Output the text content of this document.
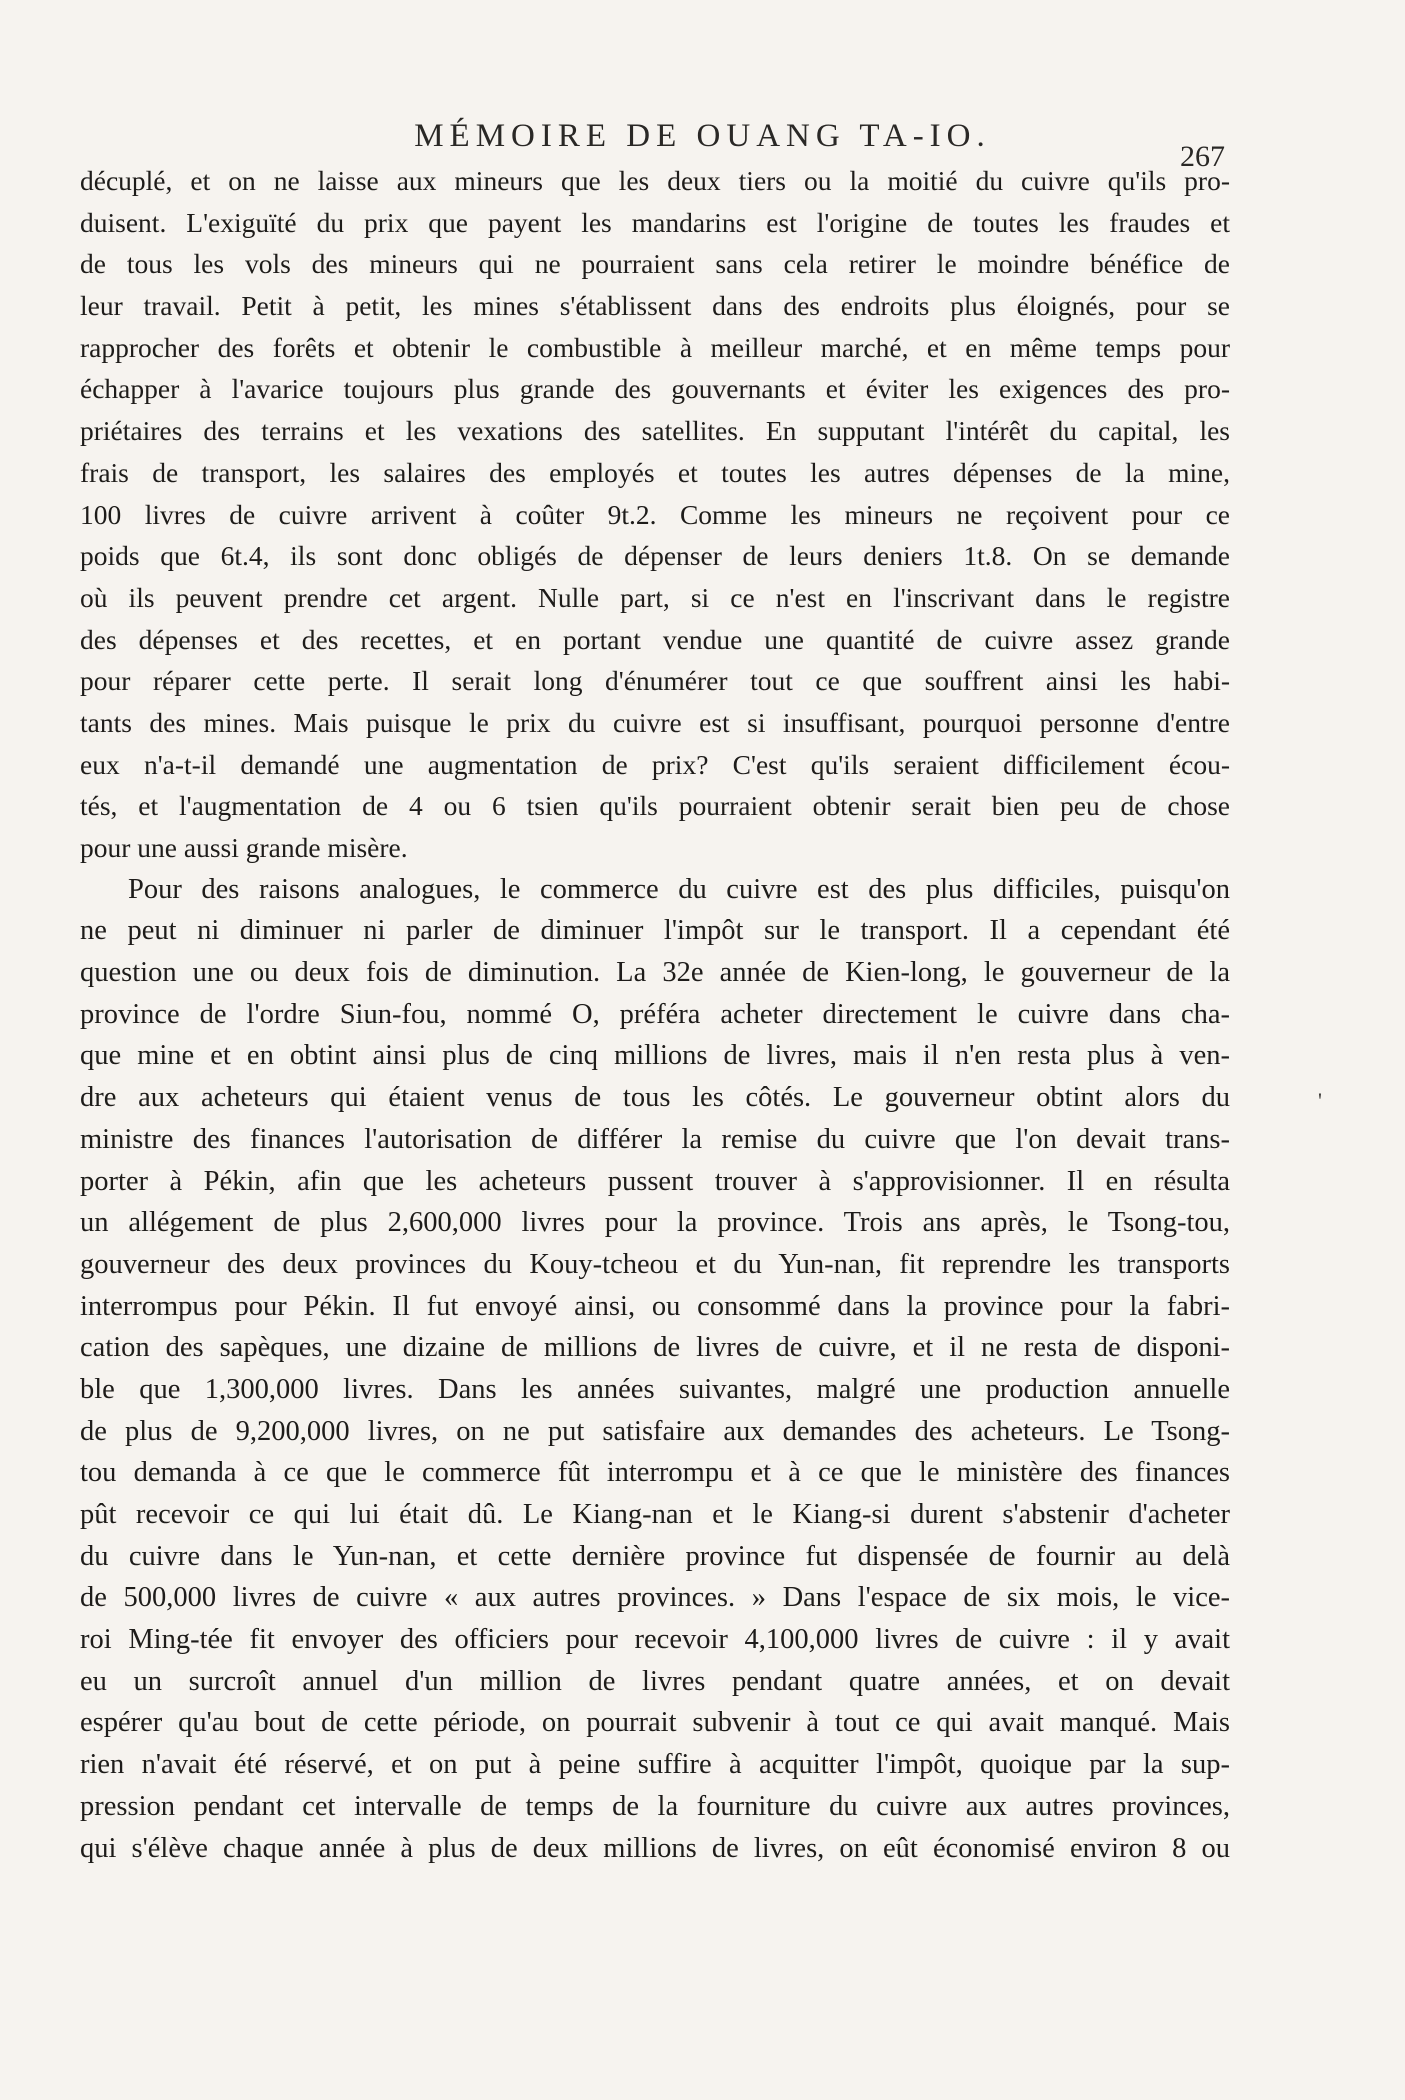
MÉMOIRE DE OUANG TA-IO.
267
'
décuplé, et on ne laisse aux mineurs que les deux tiers ou la moitié du cuivre qu'ils pro-
duisent. L'exiguïté du prix que payent les mandarins est l'origine de toutes les fraudes et
de tous les vols des mineurs qui ne pourraient sans cela retirer le moindre bénéfice de
leur travail. Petit à petit, les mines s'établissent dans des endroits plus éloignés, pour se
rapprocher des forêts et obtenir le combustible à meilleur marché, et en même temps pour
échapper à l'avarice toujours plus grande des gouvernants et éviter les exigences des pro-
priétaires des terrains et les vexations des satellites. En supputant l'intérêt du capital, les
frais de transport, les salaires des employés et toutes les autres dépenses de la mine,
100 livres de cuivre arrivent à coûter 9t.2. Comme les mineurs ne reçoivent pour ce
poids que 6t.4, ils sont donc obligés de dépenser de leurs deniers 1t.8. On se demande
où ils peuvent prendre cet argent. Nulle part, si ce n'est en l'inscrivant dans le registre
des dépenses et des recettes, et en portant vendue une quantité de cuivre assez grande
pour réparer cette perte. Il serait long d'énumérer tout ce que souffrent ainsi les habi-
tants des mines. Mais puisque le prix du cuivre est si insuffisant, pourquoi personne d'entre
eux n'a-t-il demandé une augmentation de prix? C'est qu'ils seraient difficilement écou-
tés, et l'augmentation de 4 ou 6 tsien qu'ils pourraient obtenir serait bien peu de chose
pour une aussi grande misère.
Pour des raisons analogues, le commerce du cuivre est des plus difficiles, puisqu'on
ne peut ni diminuer ni parler de diminuer l'impôt sur le transport. Il a cependant été
question une ou deux fois de diminution. La 32e année de Kien-long, le gouverneur de la
province de l'ordre Siun-fou, nommé O, préféra acheter directement le cuivre dans cha-
que mine et en obtint ainsi plus de cinq millions de livres, mais il n'en resta plus à ven-
dre aux acheteurs qui étaient venus de tous les côtés. Le gouverneur obtint alors du
ministre des finances l'autorisation de différer la remise du cuivre que l'on devait trans-
porter à Pékin, afin que les acheteurs pussent trouver à s'approvisionner. Il en résulta
un allégement de plus 2,600,000 livres pour la province. Trois ans après, le Tsong-tou,
gouverneur des deux provinces du Kouy-tcheou et du Yun-nan, fit reprendre les transports
interrompus pour Pékin. Il fut envoyé ainsi, ou consommé dans la province pour la fabri-
cation des sapèques, une dizaine de millions de livres de cuivre, et il ne resta de disponi-
ble que 1,300,000 livres. Dans les années suivantes, malgré une production annuelle
de plus de 9,200,000 livres, on ne put satisfaire aux demandes des acheteurs. Le Tsong-
tou demanda à ce que le commerce fût interrompu et à ce que le ministère des finances
pût recevoir ce qui lui était dû. Le Kiang-nan et le Kiang-si durent s'abstenir d'acheter
du cuivre dans le Yun-nan, et cette dernière province fut dispensée de fournir au delà
de 500,000 livres de cuivre « aux autres provinces. » Dans l'espace de six mois, le vice-
roi Ming-tée fit envoyer des officiers pour recevoir 4,100,000 livres de cuivre : il y avait
eu un surcroît annuel d'un million de livres pendant quatre années, et on devait
espérer qu'au bout de cette période, on pourrait subvenir à tout ce qui avait manqué. Mais
rien n'avait été réservé, et on put à peine suffire à acquitter l'impôt, quoique par la sup-
pression pendant cet intervalle de temps de la fourniture du cuivre aux autres provinces,
qui s'élève chaque année à plus de deux millions de livres, on eût économisé environ 8 ou
